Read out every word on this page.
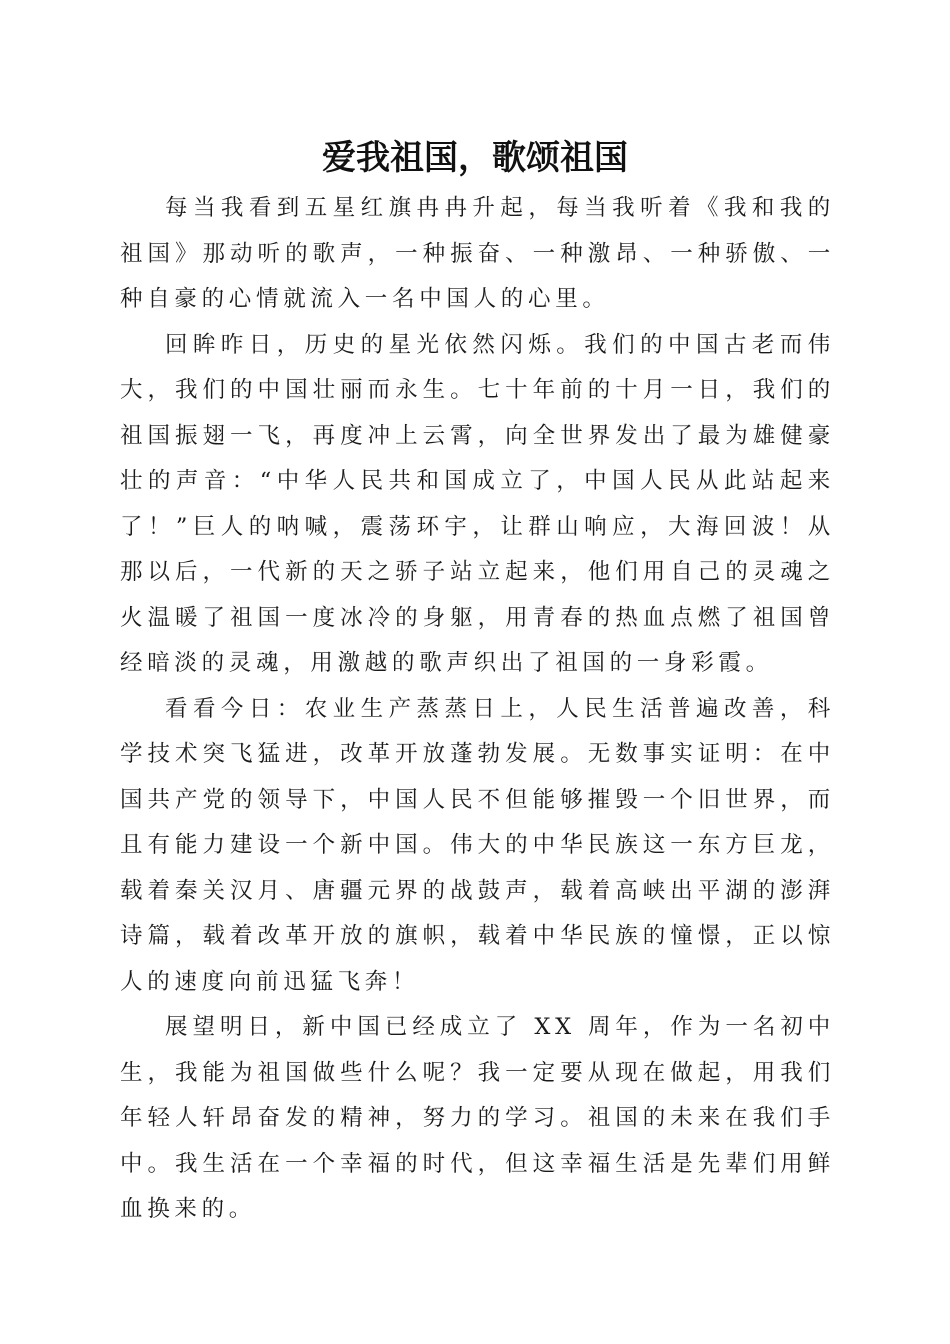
爱我祖国，歌颂祖国

每当我看到五星红旗冉冉升起，每当我听着《我和我的祖国》那动听的歌声，一种振奋、一种激昂、一种骄傲、一种自豪的心情就流入一名中国人的心里。

回眸昨日，历史的星光依然闪烁。我们的中国古老而伟大，我们的中国壮丽而永生。七十年前的十月一日，我们的祖国振翅一飞，再度冲上云霄，向全世界发出了最为雄健豪壮的声音：“中华人民共和国成立了，中国人民从此站起来了！”巨人的呐喊，震荡环宇，让群山响应，大海回波！从那以后，一代新的天之骄子站立起来，他们用自己的灵魂之火温暖了祖国一度冰冷的身躯，用青春的热血点燃了祖国曾经暗淡的灵魂，用激越的歌声织出了祖国的一身彩霞。

看看今日：农业生产蒸蒸日上，人民生活普遍改善，科学技术突飞猛进，改革开放蓬勃发展。无数事实证明：在中国共产党的领导下，中国人民不但能够摧毁一个旧世界，而且有能力建设一个新中国。伟大的中华民族这一东方巨龙，载着秦关汉月、唐疆元界的战鼓声，载着高峡出平湖的澎湃诗篇，载着改革开放的旗帜，载着中华民族的憧憬，正以惊人的速度向前迅猛飞奔！

展望明日，新中国已经成立了 XX 周年，作为一名初中生，我能为祖国做些什么呢？我一定要从现在做起，用我们年轻人轩昂奋发的精神，努力的学习。祖国的未来在我们手中。我生活在一个幸福的时代，但这幸福生活是先辈们用鲜血换来的。
